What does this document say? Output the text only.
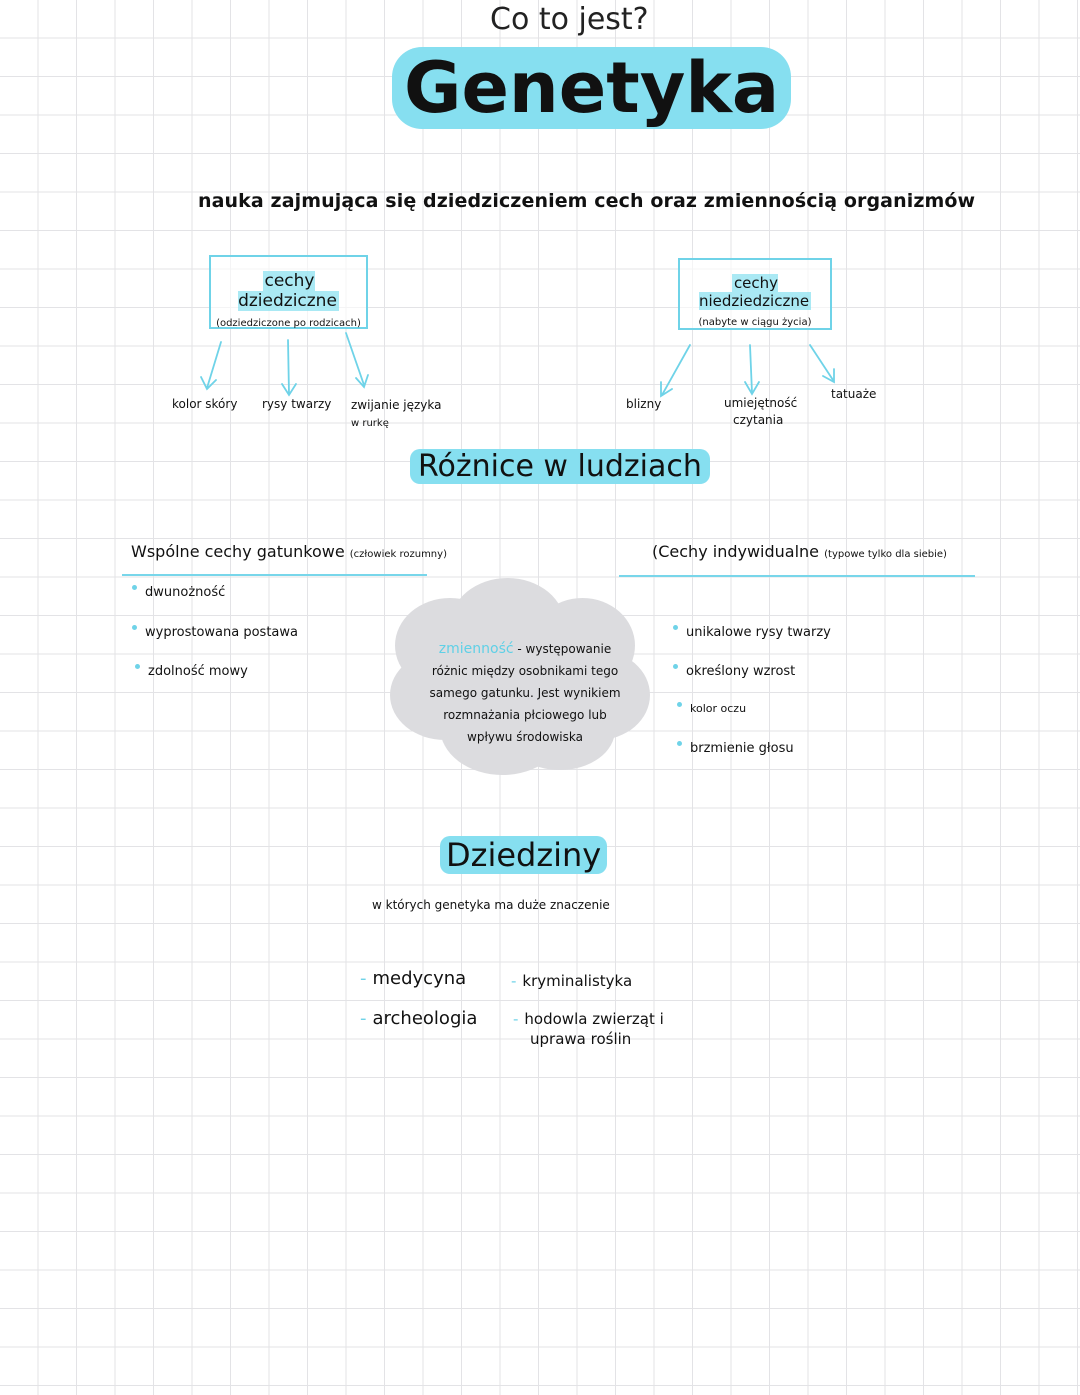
Co to jest?
Genetyka
nauka zajmująca się dziedziczeniem cech oraz zmiennością organizmów
cechy dziedziczne
(odziedziczone po rodzicach)
cechy niedziedziczne
(nabyte w ciągu życia)
kolor skóry rysy twarzy zwijanie języka
w rurkę
blizny	umiejętność
czytania
tatuaże
Różnice w ludziach
Wspólne cechy gatunkowe (człowiek rozumny)
dwunożność
wyprostowana postawa
zdolność mowy
(Cechy indywidualne (typowe tylko dla siebie)
unikalowe rysy twarzy
określony wzrost
kolor oczu
brzmienie głosu
zmienność - występowanie
różnic między osobnikami tego
samego gatunku. Jest wynikiem
rozmnażania płciowego lub
wpływu środowiska
Dziedziny
w których genetyka ma duże znaczenie
- medycyna
- archeologia
- kryminalistyka
- hodowla zwierząt i
uprawa roślin
